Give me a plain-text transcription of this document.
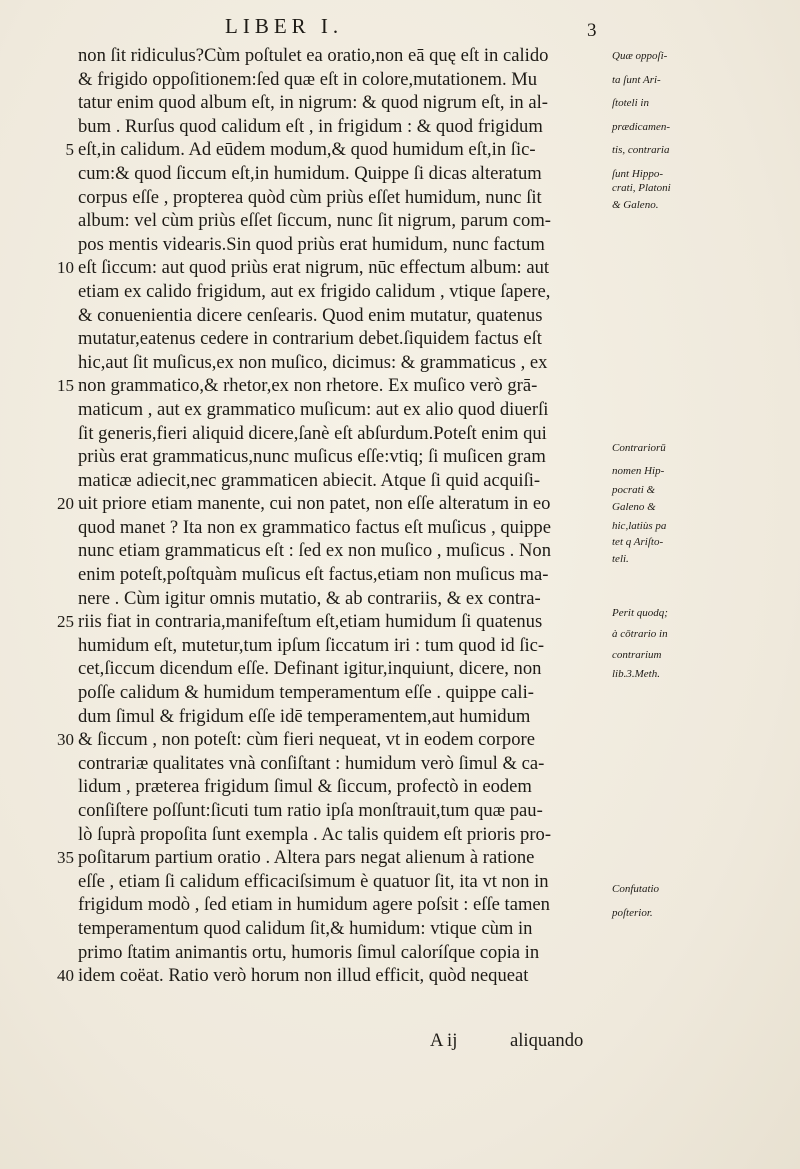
LIBER I.	3
non ſit ridiculus?Cùm poſtulet ea oratio,non eā quę eſt in calido
& frigido oppoſitionem:ſed quæ eſt in colore,mutationem. Mu
tatur enim quod album eſt, in nigrum: & quod nigrum eſt, in al-
bum . Rurſus quod calidum eſt , in frigidum : & quod frigidum
5 eſt,in calidum. Ad eūdem modum,& quod humidum eſt,in ſic-
cum:& quod ſiccum eſt,in humidum. Quippe ſi dicas alteratum
corpus eſſe , propterea quòd cùm priùs eſſet humidum, nunc ſit
album: vel cùm priùs eſſet ſiccum, nunc ſit nigrum, parum com-
pos mentis videaris.Sin quod priùs erat humidum, nunc factum
10 eſt ſiccum: aut quod priùs erat nigrum, nūc effectum album: aut
etiam ex calido frigidum, aut ex frigido calidum , vtique ſapere,
& conuenientia dicere cenſearis. Quod enim mutatur, quatenus
mutatur,eatenus cedere in contrarium debet.ſiquidem factus eſt
hic,aut ſit muſicus,ex non muſico, dicimus: & grammaticus , ex
15 non grammatico,& rhetor,ex non rhetore. Ex muſico verò grā-
maticum , aut ex grammatico muſicum: aut ex alio quod diuerſi
ſit generis,fieri aliquid dicere,ſanè eſt abſurdum.Poteſt enim qui
priùs erat grammaticus,nunc muſicus eſſe:vtiq; ſi muſicen gram
maticæ adiecit,nec grammaticen abiecit. Atque ſi quid acquiſi-
20 uit priore etiam manente, cui non patet, non eſſe alteratum in eo
quod manet ? Ita non ex grammatico factus eſt muſicus , quippe
nunc etiam grammaticus eſt : ſed ex non muſico , muſicus . Non
enim poteſt,poſtquàm muſicus eſt factus,etiam non muſicus ma-
nere . Cùm igitur omnis mutatio, & ab contrariis, & ex contra-
25 riis fiat in contraria,manifeſtum eſt,etiam humidum ſi quatenus
humidum eſt, mutetur,tum ipſum ſiccatum iri : tum quod id ſic-
cet,ſiccum dicendum eſſe. Definant igitur,inquiunt, dicere, non
poſſe calidum & humidum temperamentum eſſe . quippe cali-
dum ſimul & frigidum eſſe idē temperamentem,aut humidum
30 & ſiccum , non poteſt: cùm fieri nequeat, vt in eodem corpore
contrariæ qualitates vnà conſiſtant : humidum verò ſimul & ca-
lidum , præterea frigidum ſimul & ſiccum, profectò in eodem
conſiſtere poſſunt:ſicuti tum ratio ipſa monſtrauit,tum quæ pau-
lò ſuprà propoſita ſunt exempla . Ac talis quidem eſt prioris pro-
35 poſitarum partium oratio . Altera pars negat alienum à ratione
eſſe , etiam ſi calidum efficaciſsimum è quatuor ſit, ita vt non in
frigidum modò , ſed etiam in humidum agere poſsit : eſſe tamen
temperamentum quod calidum ſit,& humidum: vtique cùm in
primo ſtatim animantis ortu, humoris ſimul caloríſque copia in
40 idem coëat. Ratio verò horum non illud efficit, quòd nequeat
Quæ oppoſi-
ta ſunt Ari-
ſtoteli in
prædicamen-
tis, contraria
ſunt Hippo-
crati, Platoni
& Galeno.
Contrariorū
nomen Hip-
pocrati &
Galeno &
hic,latiùs pa
tet q Ariſto-
teli.
Perit quodq;
à cōtrario in
contrarium
lib.3.Meth.
Confutatio
poſterior.
A ij	aliquando
